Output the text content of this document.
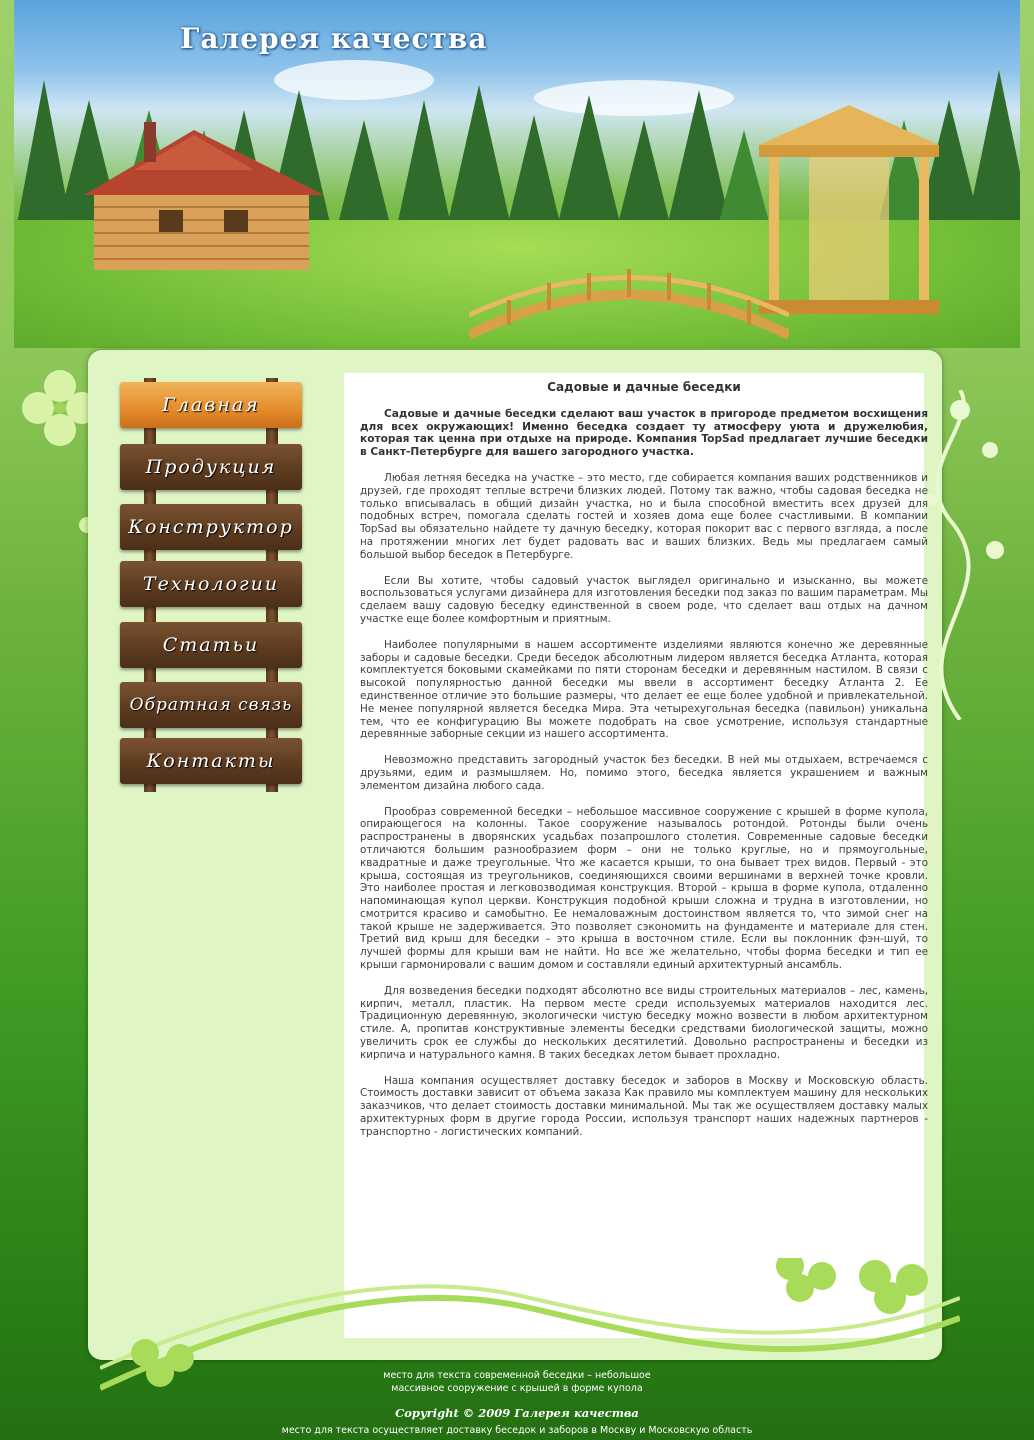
Галерея качества
Главная
Продукция
Конструктор
Технологии
Статьи
Обратная связь
Контакты
Садовые и дачные беседки

Садовые и дачные беседки сделают ваш участок в пригороде предметом восхищения для всех окружающих! Именно беседка создает ту атмосферу уюта и дружелюбия, которая так ценна при отдыхе на природе. Компания TopSad предлагает лучшие беседки в Санкт-Петербурге для вашего загородного участка.

Любая летняя беседка на участке – это место, где собирается компания ваших родственников и друзей, где проходят теплые встречи близких людей. Потому так важно, чтобы садовая беседка не только вписывалась в общий дизайн участка, но и была способной вместить всех друзей для подобных встреч, помогала сделать гостей и хозяев дома еще более счастливыми. В компании TopSad вы обязательно найдете ту дачную беседку, которая покорит вас с первого взгляда, а после на протяжении многих лет будет радовать вас и ваших близких. Ведь мы предлагаем самый большой выбор беседок в Петербурге.

Если Вы хотите, чтобы садовый участок выглядел оригинально и изысканно, вы можете воспользоваться услугами дизайнера для изготовления беседки под заказ по вашим параметрам. Мы сделаем вашу садовую беседку единственной в своем роде, что сделает ваш отдых на дачном участке еще более комфортным и приятным.

Наиболее популярными в нашем ассортименте изделиями являются конечно же деревянные заборы и садовые беседки. Среди беседок абсолютным лидером является беседка Атланта, которая комплектуется боковыми скамейками по пяти сторонам беседки и деревянным настилом. В связи с высокой популярностью данной беседки мы ввели в ассортимент беседку Атланта 2. Ее единственное отличие это большие размеры, что делает ее еще более удобной и привлекательной. Не менее популярной является беседка Мира. Эта четырехугольная беседка (павильон) уникальна тем, что ее конфигурацию Вы можете подобрать на свое усмотрение, используя стандартные деревянные заборные секции из нашего ассортимента.

Невозможно представить загородный участок без беседки. В ней мы отдыхаем, встречаемся с друзьями, едим и размышляем. Но, помимо этого, беседка является украшением и важным элементом дизайна любого сада.

Прообраз современной беседки – небольшое массивное сооружение с крышей в форме купола, опирающегося на колонны. Такое сооружение называлось ротондой. Ротонды были очень распространены в дворянских усадьбах позапрошлого столетия. Современные садовые беседки отличаются большим разнообразием форм – они не только круглые, но и прямоугольные, квадратные и даже треугольные. Что же касается крыши, то она бывает трех видов. Первый - это крыша, состоящая из треугольников, соединяющихся своими вершинами в верхней точке кровли. Это наиболее простая и легковозводимая конструкция. Второй – крыша в форме купола, отдаленно напоминающая купол церкви. Конструкция подобной крыши сложна и трудна в изготовлении, но смотрится красиво и самобытно. Ее немаловажным достоинством является то, что зимой снег на такой крыше не задерживается. Это позволяет сэкономить на фундаменте и материале для стен. Третий вид крыш для беседки – это крыша в восточном стиле. Если вы поклонник фэн-шуй, то лучшей формы для крыши вам не найти. Но все же желательно, чтобы форма беседки и тип ее крыши гармонировали с вашим домом и составляли единый архитектурный ансамбль.

Для возведения беседки подходят абсолютно все виды строительных материалов – лес, камень, кирпич, металл, пластик. На первом месте среди используемых материалов находится лес. Традиционную деревянную, экологически чистую беседку можно возвести в любом архитектурном стиле. А, пропитав конструктивные элементы беседки средствами биологической защиты, можно увеличить срок ее службы до нескольких десятилетий. Довольно распространены и беседки из кирпича и натурального камня. В таких беседках летом бывает прохладно.

Наша компания осуществляет доставку беседок и заборов в Москву и Московскую область. Стоимость доставки зависит от объема заказа Как правило мы комплектуем машину для нескольких заказчиков, что делает стоимость доставки минимальной. Мы так же осуществляем доставку малых архитектурных форм в другие города России, используя транспорт наших надежных партнеров - транспортно - логистических компаний.

место для текста современной беседки – небольшое
массивное сооружение с крышей в форме купола
Copyright © 2009 Галерея качества
место для текста осуществляет доставку беседок и заборов в Москву и Московскую область
